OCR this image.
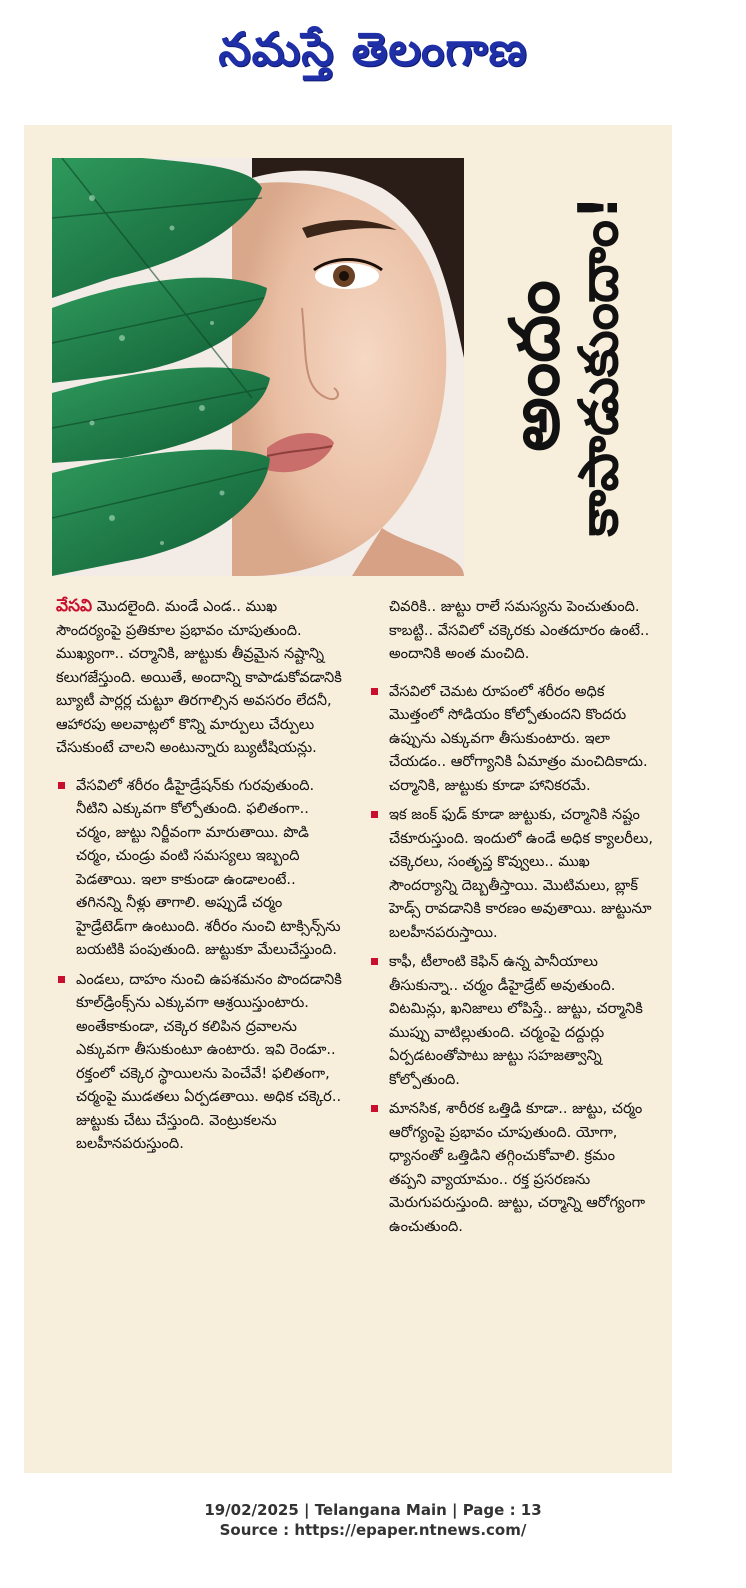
నమస్తే తెలంగాణ
అందం
కాపాడుకుందాం!

వేసవి మొదలైంది. మండే ఎండ.. ముఖ సౌందర్యంపై ప్రతికూల ప్రభావం చూపుతుంది. ముఖ్యంగా.. చర్మానికి, జుట్టుకు తీవ్రమైన నష్టాన్ని కలుగజేస్తుంది. అయితే, అందాన్ని కాపాడుకోవడానికి బ్యూటీ పార్లర్ల చుట్టూ తిరగాల్సిన అవసరం లేదనీ, ఆహారపు అలవాట్లలో కొన్ని మార్పులు చేర్పులు చేసుకుంటే చాలని అంటున్నారు బ్యుటీషియన్లు.

వేసవిలో శరీరం డీహైడ్రేషన్‌కు గురవుతుంది. నీటిని ఎక్కువగా కోల్పోతుంది. ఫలితంగా.. చర్మం, జుట్టు నిర్జీవంగా మారుతాయి. పొడి చర్మం, చుండ్రు వంటి సమస్యలు ఇబ్బంది పెడతాయి. ఇలా కాకుండా ఉండాలంటే.. తగినన్ని నీళ్లు తాగాలి. అప్పుడే చర్మం హైడ్రేటెడ్‌గా ఉంటుంది. శరీరం నుంచి టాక్సిన్స్‌ను బయటికి పంపుతుంది. జుట్టుకూ మేలుచేస్తుంది.
ఎండలు, దాహం నుంచి ఉపశమనం పొందడానికి కూల్‌డ్రింక్స్‌ను ఎక్కువగా ఆశ్రయిస్తుంటారు. అంతేకాకుండా, చక్కెర కలిపిన ద్రవాలను ఎక్కువగా తీసుకుంటూ ఉంటారు. ఇవి రెండూ.. రక్తంలో చక్కెర స్థాయిలను పెంచేవే! ఫలితంగా, చర్మంపై ముడతలు ఏర్పడతాయి. అధిక చక్కెర.. జుట్టుకు చేటు చేస్తుంది. వెంట్రుకలను బలహీనపరుస్తుంది.

చివరికి.. జుట్టు రాలే సమస్యను పెంచుతుంది. కాబట్టి.. వేసవిలో చక్కెరకు ఎంతదూరం ఉంటే.. అందానికి అంత మంచిది.

వేసవిలో చెమట రూపంలో శరీరం అధిక మొత్తంలో సోడియం కోల్పోతుందని కొందరు ఉప్పును ఎక్కువగా తీసుకుంటారు. ఇలా చేయడం.. ఆరోగ్యానికి ఏమాత్రం మంచిదికాదు. చర్మానికి, జుట్టుకు కూడా హానికరమే.
ఇక జంక్ ఫుడ్ కూడా జుట్టుకు, చర్మానికి నష్టం చేకూరుస్తుంది. ఇందులో ఉండే అధిక క్యాలరీలు, చక్కెరలు, సంతృప్త కొవ్వులు.. ముఖ సౌందర్యాన్ని దెబ్బతీస్తాయి. మొటిమలు, బ్లాక్ హెడ్స్ రావడానికి కారణం అవుతాయి. జుట్టునూ బలహీనపరుస్తాయి.
కాఫీ, టీలాంటి కెఫిన్ ఉన్న పానీయాలు తీసుకున్నా.. చర్మం డీహైడ్రేట్ అవుతుంది. విటమిన్లు, ఖనిజాలు లోపిస్తే.. జుట్టు, చర్మానికి ముప్పు వాటిల్లుతుంది. చర్మంపై దద్దుర్లు ఏర్పడటంతోపాటు జుట్టు సహజత్వాన్ని కోల్పోతుంది.
మానసిక, శారీరక ఒత్తిడి కూడా.. జుట్టు, చర్మం ఆరోగ్యంపై ప్రభావం చూపుతుంది. యోగా, ధ్యానంతో ఒత్తిడిని తగ్గించుకోవాలి. క్రమం తప్పని వ్యాయామం.. రక్త ప్రసరణను మెరుగుపరుస్తుంది. జుట్టు, చర్మాన్ని ఆరోగ్యంగా ఉంచుతుంది.
19/02/2025 | Telangana Main | Page : 13
Source : https://epaper.ntnews.com/
